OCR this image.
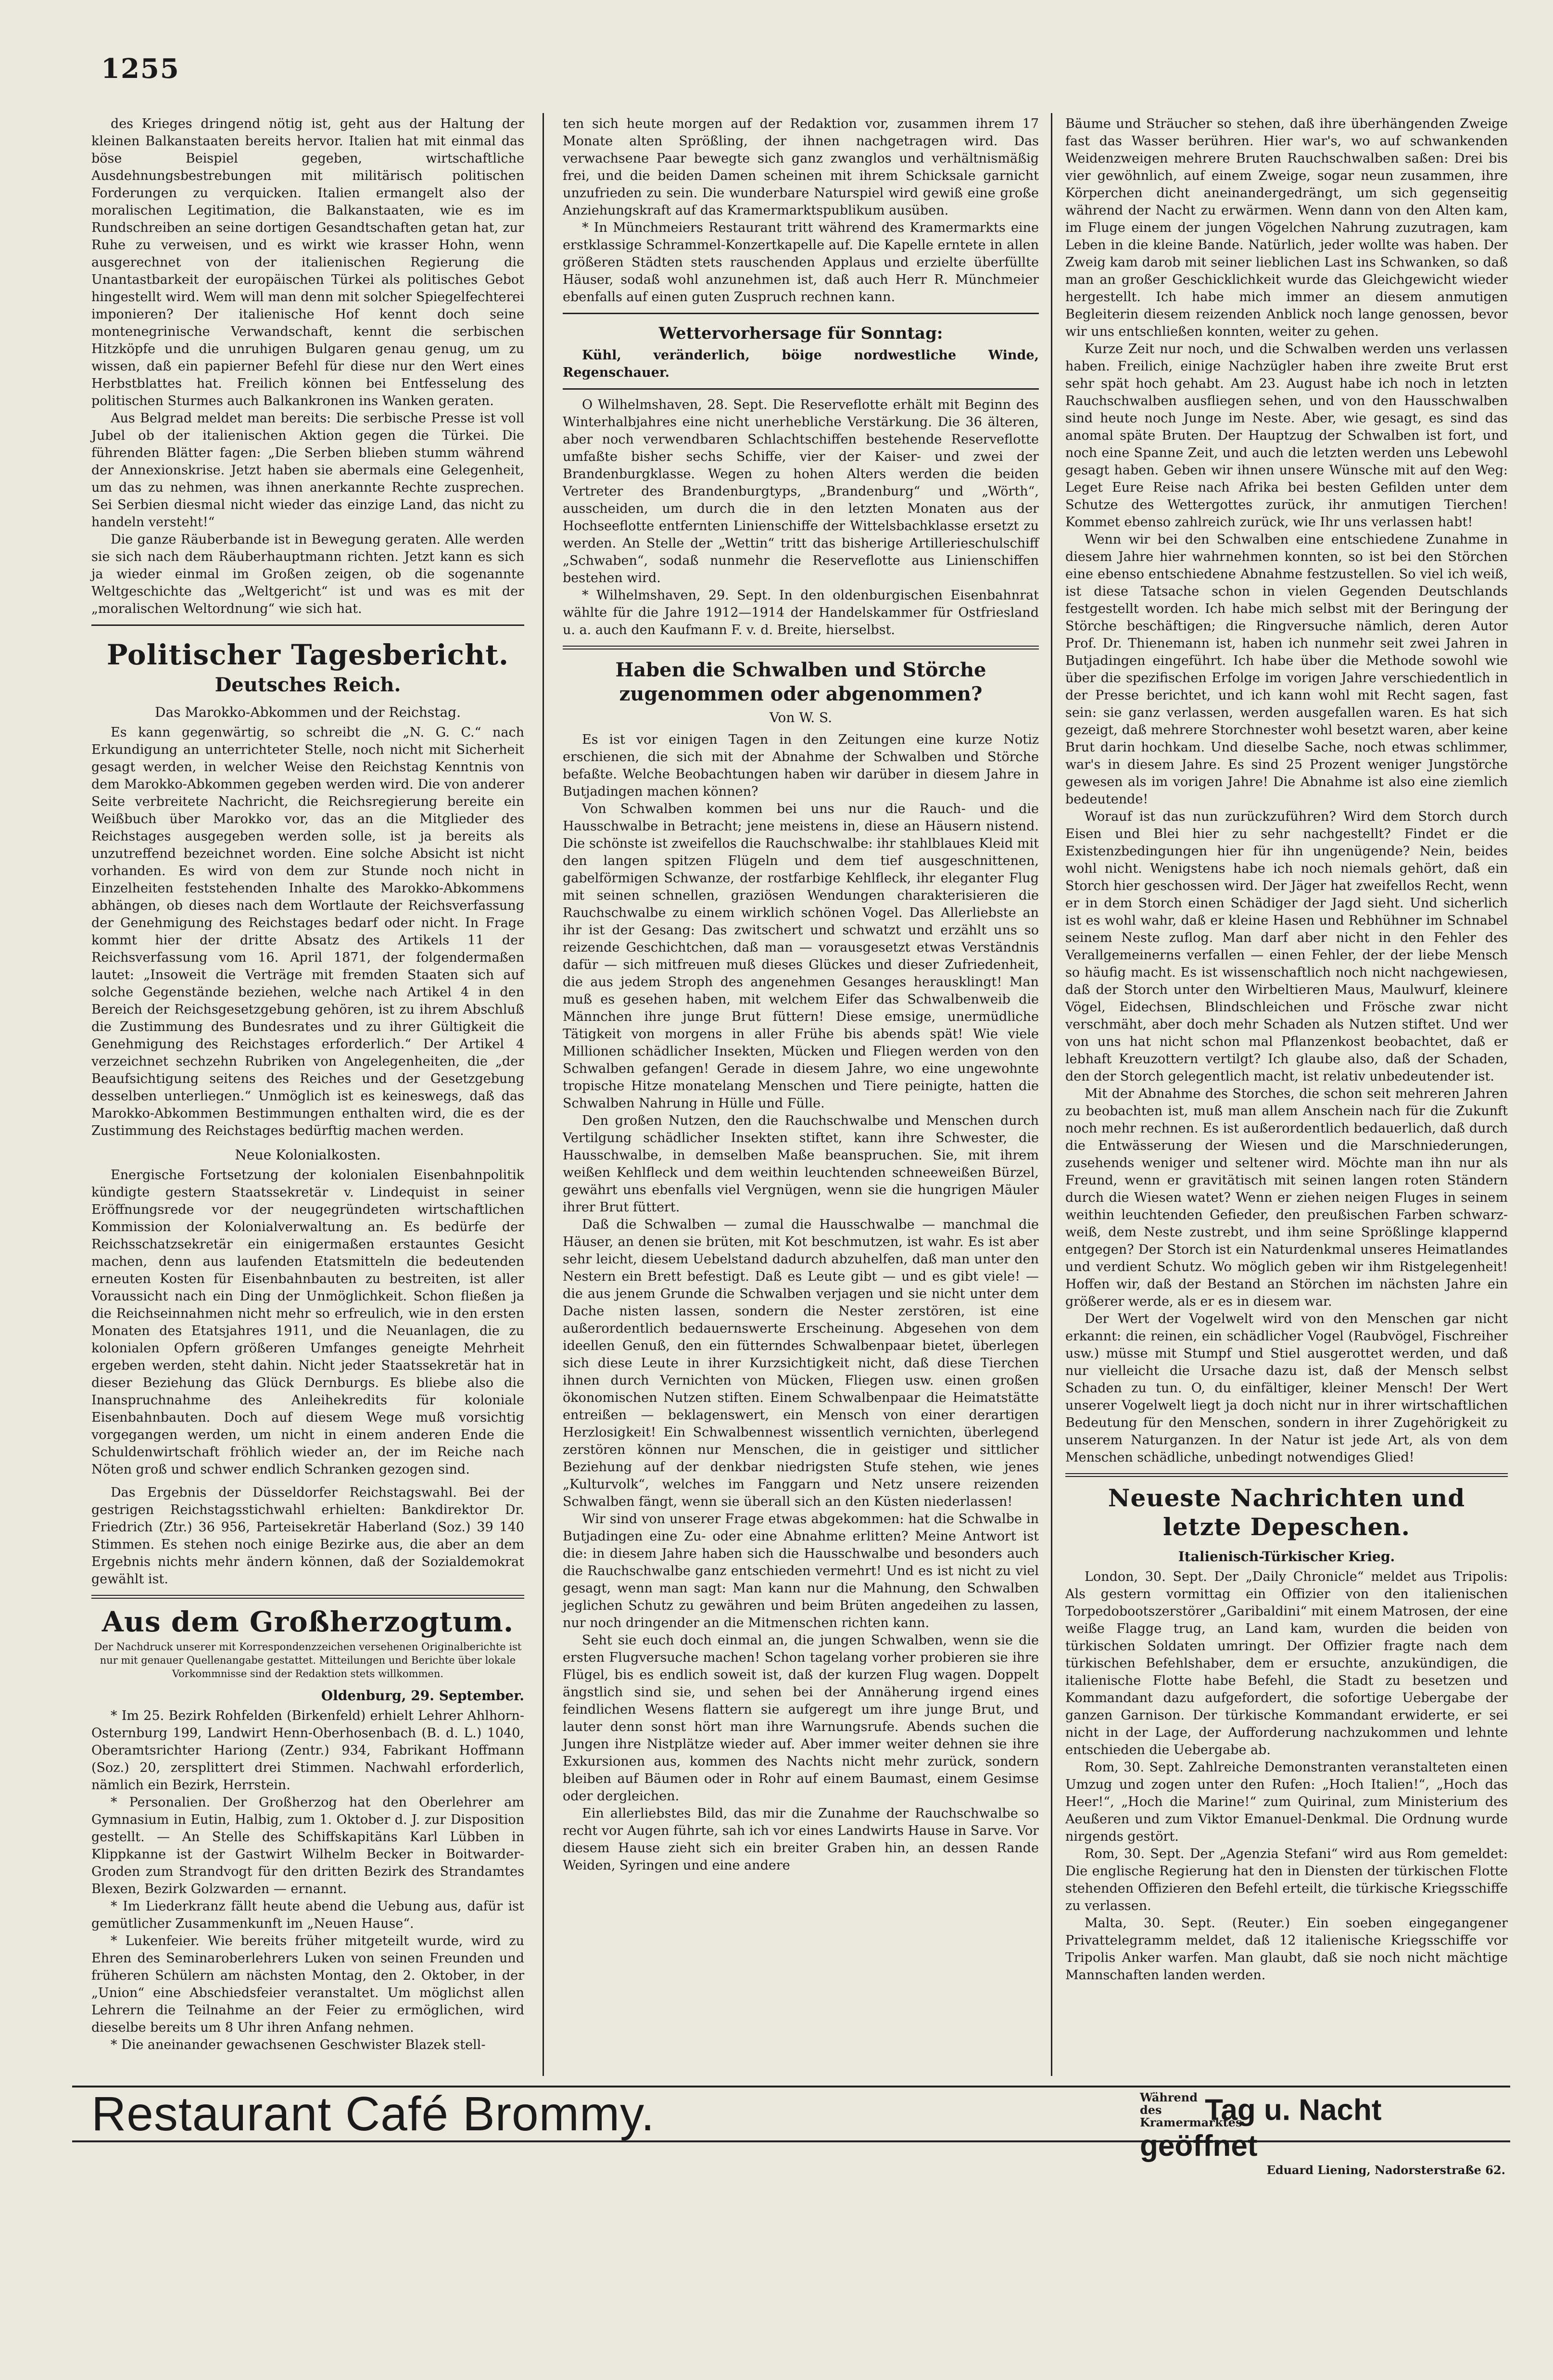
1255

des Krieges dringend nötig ist, geht aus der Haltung der kleinen Balkanstaaten bereits hervor. Italien hat mit einmal das böse Beispiel gegeben, wirtschaftliche Ausdehnungsbestrebungen mit militärisch politischen Forderungen zu verquicken. Italien ermangelt also der moralischen Legitimation, die Balkanstaaten, wie es im Rundschreiben an seine dortigen Gesandtschaften getan hat, zur Ruhe zu verweisen, und es wirkt wie krasser Hohn, wenn ausgerechnet von der italienischen Regierung die Unantastbarkeit der europäischen Türkei als politisches Gebot hingestellt wird. Wem will man denn mit solcher Spiegelfechterei imponieren? Der italienische Hof kennt doch seine montenegrinische Verwandschaft, kennt die serbischen Hitzköpfe und die unruhigen Bulgaren genau genug, um zu wissen, daß ein papierner Befehl für diese nur den Wert eines Herbstblattes hat. Freilich können bei Entfesselung des politischen Sturmes auch Balkankronen ins Wanken geraten.

Aus Belgrad meldet man bereits: Die serbische Presse ist voll Jubel ob der italienischen Aktion gegen die Türkei. Die führenden Blätter fagen: „Die Serben blieben stumm während der Annexionskrise. Jetzt haben sie abermals eine Gelegenheit, um das zu nehmen, was ihnen anerkannte Rechte zusprechen. Sei Serbien diesmal nicht wieder das einzige Land, das nicht zu handeln versteht!“

Die ganze Räuberbande ist in Bewegung geraten. Alle werden sie sich nach dem Räuberhauptmann richten. Jetzt kann es sich ja wieder einmal im Großen zeigen, ob die sogenannte Weltgeschichte das „Weltgericht“ ist und was es mit der „moralischen Weltordnung“ wie sich hat.

Politischer Tagesbericht.
Deutsches Reich.
Das Marokko-Abkommen und der Reichstag.

Es kann gegenwärtig, so schreibt die „N. G. C.“ nach Erkundigung an unterrichteter Stelle, noch nicht mit Sicherheit gesagt werden, in welcher Weise den Reichstag Kenntnis von dem Marokko-Abkommen gegeben werden wird. Die von anderer Seite verbreitete Nachricht, die Reichsregierung bereite ein Weißbuch über Marokko vor, das an die Mitglieder des Reichstages ausgegeben werden solle, ist ja bereits als unzutreffend bezeichnet worden. Eine solche Absicht ist nicht vorhanden. Es wird von dem zur Stunde noch nicht in Einzelheiten feststehenden Inhalte des Marokko-Abkommens abhängen, ob dieses nach dem Wortlaute der Reichsverfassung der Genehmigung des Reichstages bedarf oder nicht. In Frage kommt hier der dritte Absatz des Artikels 11 der Reichsverfassung vom 16. April 1871, der folgendermaßen lautet: „Insoweit die Verträge mit fremden Staaten sich auf solche Gegenstände beziehen, welche nach Artikel 4 in den Bereich der Reichsgesetzgebung gehören, ist zu ihrem Abschluß die Zustimmung des Bundesrates und zu ihrer Gültigkeit die Genehmigung des Reichstages erforderlich.“ Der Artikel 4 verzeichnet sechzehn Rubriken von Angelegenheiten, die „der Beaufsichtigung seitens des Reiches und der Gesetzgebung desselben unterliegen.“ Unmöglich ist es keineswegs, daß das Marokko-Abkommen Bestimmungen enthalten wird, die es der Zustimmung des Reichstages bedürftig machen werden.

Neue Kolonialkosten.

Energische Fortsetzung der kolonialen Eisenbahnpolitik kündigte gestern Staatssekretär v. Lindequist in seiner Eröffnungsrede vor der neugegründeten wirtschaftlichen Kommission der Kolonialverwaltung an. Es bedürfe der Reichsschatzsekretär ein einigermaßen erstauntes Gesicht machen, denn aus laufenden Etatsmitteln die bedeutenden erneuten Kosten für Eisenbahnbauten zu bestreiten, ist aller Voraussicht nach ein Ding der Unmöglichkeit. Schon fließen ja die Reichseinnahmen nicht mehr so erfreulich, wie in den ersten Monaten des Etatsjahres 1911, und die Neuanlagen, die zu kolonialen Opfern größeren Umfanges geneigte Mehrheit ergeben werden, steht dahin. Nicht jeder Staatssekretär hat in dieser Beziehung das Glück Dernburgs. Es bliebe also die Inanspruchnahme des Anleihekredits für koloniale Eisenbahnbauten. Doch auf diesem Wege muß vorsichtig vorgegangen werden, um nicht in einem anderen Ende die Schuldenwirtschaft fröhlich wieder an, der im Reiche nach Nöten groß und schwer endlich Schranken gezogen sind.

Das Ergebnis der Düsseldorfer Reichstagswahl. Bei der gestrigen Reichstagsstichwahl erhielten: Bankdirektor Dr. Friedrich (Ztr.) 36 956, Parteisekretär Haberland (Soz.) 39 140 Stimmen. Es stehen noch einige Bezirke aus, die aber an dem Ergebnis nichts mehr ändern können, daß der Sozialdemokrat gewählt ist.

Aus dem Großherzogtum.
Der Nachdruck unserer mit Korrespondenzzeichen versehenen Originalberichte ist nur mit genauer Quellenangabe gestattet. Mitteilungen und Berichte über lokale Vorkommnisse sind der Redaktion stets willkommen.
Oldenburg, 29. September.

* Im 25. Bezirk Rohfelden (Birkenfeld) erhielt Lehrer Ahlhorn-Osternburg 199, Landwirt Henn-Oberhosenbach (B. d. L.) 1040, Oberamtsrichter Hariong (Zentr.) 934, Fabrikant Hoffmann (Soz.) 20, zersplittert drei Stimmen. Nachwahl erforderlich, nämlich ein Bezirk, Herrstein.

* Personalien. Der Großherzog hat den Oberlehrer am Gymnasium in Eutin, Halbig, zum 1. Oktober d. J. zur Disposition gestellt. — An Stelle des Schiffskapitäns Karl Lübben in Klippkanne ist der Gastwirt Wilhelm Becker in Boitwarder-Groden zum Strandvogt für den dritten Bezirk des Strandamtes Blexen, Bezirk Golzwarden — ernannt.

* Im Liederkranz fällt heute abend die Uebung aus, dafür ist gemütlicher Zusammenkunft im „Neuen Hause“.

* Lukenfeier. Wie bereits früher mitgeteilt wurde, wird zu Ehren des Seminaroberlehrers Luken von seinen Freunden und früheren Schülern am nächsten Montag, den 2. Oktober, in der „Union“ eine Abschiedsfeier veranstaltet. Um möglichst allen Lehrern die Teilnahme an der Feier zu ermöglichen, wird dieselbe bereits um 8 Uhr ihren Anfang nehmen.

* Die aneinander gewachsenen Geschwister Blazek stell-

ten sich heute morgen auf der Redaktion vor, zusammen ihrem 17 Monate alten Sprößling, der ihnen nachgetragen wird. Das verwachsene Paar bewegte sich ganz zwanglos und verhältnismäßig frei, und die beiden Damen scheinen mit ihrem Schicksale garnicht unzufrieden zu sein. Die wunderbare Naturspiel wird gewiß eine große Anziehungskraft auf das Kramermarktspublikum ausüben.

* In Münchmeiers Restaurant tritt während des Kramermarkts eine erstklassige Schrammel-Konzertkapelle auf. Die Kapelle erntete in allen größeren Städten stets rauschenden Applaus und erzielte überfüllte Häuser, sodaß wohl anzunehmen ist, daß auch Herr R. Münchmeier ebenfalls auf einen guten Zuspruch rechnen kann.

Wettervorhersage für Sonntag:

Kühl, veränderlich, böige nordwestliche Winde, Regenschauer.

O Wilhelmshaven, 28. Sept. Die Reserveflotte erhält mit Beginn des Winterhalbjahres eine nicht unerhebliche Verstärkung. Die 36 älteren, aber noch verwendbaren Schlachtschiffen bestehende Reserveflotte umfaßte bisher sechs Schiffe, vier der Kaiser- und zwei der Brandenburgklasse. Wegen zu hohen Alters werden die beiden Vertreter des Brandenburgtyps, „Brandenburg“ und „Wörth“, ausscheiden, um durch die in den letzten Monaten aus der Hochseeflotte entfernten Linienschiffe der Wittelsbachklasse ersetzt zu werden. An Stelle der „Wettin“ tritt das bisherige Artillerieschulschiff „Schwaben“, sodaß nunmehr die Reserveflotte aus Linienschiffen bestehen wird.

* Wilhelmshaven, 29. Sept. In den oldenburgischen Eisenbahnrat wählte für die Jahre 1912—1914 der Handelskammer für Ostfriesland u. a. auch den Kaufmann F. v. d. Breite, hierselbst.

Haben die Schwalben und Störche zugenommen oder abgenommen?
Von W. S.

Es ist vor einigen Tagen in den Zeitungen eine kurze Notiz erschienen, die sich mit der Abnahme der Schwalben und Störche befaßte. Welche Beobachtungen haben wir darüber in diesem Jahre in Butjadingen machen können?

Von Schwalben kommen bei uns nur die Rauch- und die Hausschwalbe in Betracht; jene meistens in, diese an Häusern nistend. Die schönste ist zweifellos die Rauchschwalbe: ihr stahlblaues Kleid mit den langen spitzen Flügeln und dem tief ausgeschnittenen, gabelförmigen Schwanze, der rostfarbige Kehlfleck, ihr eleganter Flug mit seinen schnellen, graziösen Wendungen charakterisieren die Rauchschwalbe zu einem wirklich schönen Vogel. Das Allerliebste an ihr ist der Gesang: Das zwitschert und schwatzt und erzählt uns so reizende Geschichtchen, daß man — vorausgesetzt etwas Verständnis dafür — sich mitfreuen muß dieses Glückes und dieser Zufriedenheit, die aus jedem Stroph des angenehmen Gesanges herausklingt! Man muß es gesehen haben, mit welchem Eifer das Schwalbenweib die Männchen ihre junge Brut füttern! Diese emsige, unermüdliche Tätigkeit von morgens in aller Frühe bis abends spät! Wie viele Millionen schädlicher Insekten, Mücken und Fliegen werden von den Schwalben gefangen! Gerade in diesem Jahre, wo eine ungewohnte tropische Hitze monatelang Menschen und Tiere peinigte, hatten die Schwalben Nahrung in Hülle und Fülle.

Den großen Nutzen, den die Rauchschwalbe und Menschen durch Vertilgung schädlicher Insekten stiftet, kann ihre Schwester, die Hausschwalbe, in demselben Maße beanspruchen. Sie, mit ihrem weißen Kehlfleck und dem weithin leuchtenden schneeweißen Bürzel, gewährt uns ebenfalls viel Vergnügen, wenn sie die hungrigen Mäuler ihrer Brut füttert.

Daß die Schwalben — zumal die Hausschwalbe — manchmal die Häuser, an denen sie brüten, mit Kot beschmutzen, ist wahr. Es ist aber sehr leicht, diesem Uebelstand dadurch abzuhelfen, daß man unter den Nestern ein Brett befestigt. Daß es Leute gibt — und es gibt viele! — die aus jenem Grunde die Schwalben verjagen und sie nicht unter dem Dache nisten lassen, sondern die Nester zerstören, ist eine außerordentlich bedauernswerte Erscheinung. Abgesehen von dem ideellen Genuß, den ein fütterndes Schwalbenpaar bietet, überlegen sich diese Leute in ihrer Kurzsichtigkeit nicht, daß diese Tierchen ihnen durch Vernichten von Mücken, Fliegen usw. einen großen ökonomischen Nutzen stiften. Einem Schwalbenpaar die Heimatstätte entreißen — beklagenswert, ein Mensch von einer derartigen Herzlosigkeit! Ein Schwalbennest wissentlich vernichten, überlegend zerstören können nur Menschen, die in geistiger und sittlicher Beziehung auf der denkbar niedrigsten Stufe stehen, wie jenes „Kulturvolk“, welches im Fanggarn und Netz unsere reizenden Schwalben fängt, wenn sie überall sich an den Küsten niederlassen!

Wir sind von unserer Frage etwas abgekommen: hat die Schwalbe in Butjadingen eine Zu- oder eine Abnahme erlitten? Meine Antwort ist die: in diesem Jahre haben sich die Hausschwalbe und besonders auch die Rauchschwalbe ganz entschieden vermehrt! Und es ist nicht zu viel gesagt, wenn man sagt: Man kann nur die Mahnung, den Schwalben jeglichen Schutz zu gewähren und beim Brüten angedeihen zu lassen, nur noch dringender an die Mitmenschen richten kann.

Seht sie euch doch einmal an, die jungen Schwalben, wenn sie die ersten Flugversuche machen! Schon tagelang vorher probieren sie ihre Flügel, bis es endlich soweit ist, daß der kurzen Flug wagen. Doppelt ängstlich sind sie, und sehen bei der Annäherung irgend eines feindlichen Wesens flattern sie aufgeregt um ihre junge Brut, und lauter denn sonst hört man ihre Warnungsrufe. Abends suchen die Jungen ihre Nistplätze wieder auf. Aber immer weiter dehnen sie ihre Exkursionen aus, kommen des Nachts nicht mehr zurück, sondern bleiben auf Bäumen oder in Rohr auf einem Baumast, einem Gesimse oder dergleichen.

Ein allerliebstes Bild, das mir die Zunahme der Rauchschwalbe so recht vor Augen führte, sah ich vor eines Landwirts Hause in Sarve. Vor diesem Hause zieht sich ein breiter Graben hin, an dessen Rande Weiden, Syringen und eine andere

Bäume und Sträucher so stehen, daß ihre überhängenden Zweige fast das Wasser berühren. Hier war's, wo auf schwankenden Weidenzweigen mehrere Bruten Rauchschwalben saßen: Drei bis vier gewöhnlich, auf einem Zweige, sogar neun zusammen, ihre Körperchen dicht aneinandergedrängt, um sich gegenseitig während der Nacht zu erwärmen. Wenn dann von den Alten kam, im Fluge einem der jungen Vögelchen Nahrung zuzutragen, kam Leben in die kleine Bande. Natürlich, jeder wollte was haben. Der Zweig kam darob mit seiner lieblichen Last ins Schwanken, so daß man an großer Geschicklichkeit wurde das Gleichgewicht wieder hergestellt. Ich habe mich immer an diesem anmutigen Begleiterin diesem reizenden Anblick noch lange genossen, bevor wir uns entschließen konnten, weiter zu gehen.

Kurze Zeit nur noch, und die Schwalben werden uns verlassen haben. Freilich, einige Nachzügler haben ihre zweite Brut erst sehr spät hoch gehabt. Am 23. August habe ich noch in letzten Rauchschwalben ausfliegen sehen, und von den Hausschwalben sind heute noch Junge im Neste. Aber, wie gesagt, es sind das anomal späte Bruten. Der Hauptzug der Schwalben ist fort, und noch eine Spanne Zeit, und auch die letzten werden uns Lebewohl gesagt haben. Geben wir ihnen unsere Wünsche mit auf den Weg: Leget Eure Reise nach Afrika bei besten Gefilden unter dem Schutze des Wettergottes zurück, ihr anmutigen Tierchen! Kommet ebenso zahlreich zurück, wie Ihr uns verlassen habt!

Wenn wir bei den Schwalben eine entschiedene Zunahme in diesem Jahre hier wahrnehmen konnten, so ist bei den Störchen eine ebenso entschiedene Abnahme festzustellen. So viel ich weiß, ist diese Tatsache schon in vielen Gegenden Deutschlands festgestellt worden. Ich habe mich selbst mit der Beringung der Störche beschäftigen; die Ringversuche nämlich, deren Autor Prof. Dr. Thienemann ist, haben ich nunmehr seit zwei Jahren in Butjadingen eingeführt. Ich habe über die Methode sowohl wie über die spezifischen Erfolge im vorigen Jahre verschiedentlich in der Presse berichtet, und ich kann wohl mit Recht sagen, fast sein: sie ganz verlassen, werden ausgefallen waren. Es hat sich gezeigt, daß mehrere Storchnester wohl besetzt waren, aber keine Brut darin hochkam. Und dieselbe Sache, noch etwas schlimmer, war's in diesem Jahre. Es sind 25 Prozent weniger Jungstörche gewesen als im vorigen Jahre! Die Abnahme ist also eine ziemlich bedeutende!

Worauf ist das nun zurückzuführen? Wird dem Storch durch Eisen und Blei hier zu sehr nachgestellt? Findet er die Existenzbedingungen hier für ihn ungenügende? Nein, beides wohl nicht. Wenigstens habe ich noch niemals gehört, daß ein Storch hier geschossen wird. Der Jäger hat zweifellos Recht, wenn er in dem Storch einen Schädiger der Jagd sieht. Und sicherlich ist es wohl wahr, daß er kleine Hasen und Rebhühner im Schnabel seinem Neste zuflog. Man darf aber nicht in den Fehler des Verallgemeinerns verfallen — einen Fehler, der der liebe Mensch so häufig macht. Es ist wissenschaftlich noch nicht nachgewiesen, daß der Storch unter den Wirbeltieren Maus, Maulwurf, kleinere Vögel, Eidechsen, Blindschleichen und Frösche zwar nicht verschmäht, aber doch mehr Schaden als Nutzen stiftet. Und wer von uns hat nicht schon mal Pflanzenkost beobachtet, daß er lebhaft Kreuzottern vertilgt? Ich glaube also, daß der Schaden, den der Storch gelegentlich macht, ist relativ unbedeutender ist.

Mit der Abnahme des Storches, die schon seit mehreren Jahren zu beobachten ist, muß man allem Anschein nach für die Zukunft noch mehr rechnen. Es ist außerordentlich bedauerlich, daß durch die Entwässerung der Wiesen und die Marschniederungen, zusehends weniger und seltener wird. Möchte man ihn nur als Freund, wenn er gravitätisch mit seinen langen roten Ständern durch die Wiesen watet? Wenn er ziehen neigen Fluges in seinem weithin leuchtenden Gefieder, den preußischen Farben schwarz-weiß, dem Neste zustrebt, und ihm seine Sprößlinge klappernd entgegen? Der Storch ist ein Naturdenkmal unseres Heimatlandes und verdient Schutz. Wo möglich geben wir ihm Ristgelegenheit! Hoffen wir, daß der Bestand an Störchen im nächsten Jahre ein größerer werde, als er es in diesem war.

Der Wert der Vogelwelt wird von den Menschen gar nicht erkannt: die reinen, ein schädlicher Vogel (Raubvögel, Fischreiher usw.) müsse mit Stumpf und Stiel ausgerottet werden, und daß nur vielleicht die Ursache dazu ist, daß der Mensch selbst Schaden zu tun. O, du einfältiger, kleiner Mensch! Der Wert unserer Vogelwelt liegt ja doch nicht nur in ihrer wirtschaftlichen Bedeutung für den Menschen, sondern in ihrer Zugehörigkeit zu unserem Naturganzen. In der Natur ist jede Art, als von dem Menschen schädliche, unbedingt notwendiges Glied!

Neueste Nachrichten und letzte Depeschen.
Italienisch-Türkischer Krieg.

London, 30. Sept. Der „Daily Chronicle“ meldet aus Tripolis: Als gestern vormittag ein Offizier von den italienischen Torpedobootszerstörer „Garibaldini“ mit einem Matrosen, der eine weiße Flagge trug, an Land kam, wurden die beiden von türkischen Soldaten umringt. Der Offizier fragte nach dem türkischen Befehlshaber, dem er ersuchte, anzukündigen, die italienische Flotte habe Befehl, die Stadt zu besetzen und Kommandant dazu aufgefordert, die sofortige Uebergabe der ganzen Garnison. Der türkische Kommandant erwiderte, er sei nicht in der Lage, der Aufforderung nachzukommen und lehnte entschieden die Uebergabe ab.

Rom, 30. Sept. Zahlreiche Demonstranten veranstalteten einen Umzug und zogen unter den Rufen: „Hoch Italien!“, „Hoch das Heer!“, „Hoch die Marine!“ zum Quirinal, zum Ministerium des Aeußeren und zum Viktor Emanuel-Denkmal. Die Ordnung wurde nirgends gestört.

Rom, 30. Sept. Der „Agenzia Stefani“ wird aus Rom gemeldet: Die englische Regierung hat den in Diensten der türkischen Flotte stehenden Offizieren den Befehl erteilt, die türkische Kriegsschiffe zu verlassen.

Malta, 30. Sept. (Reuter.) Ein soeben eingegangener Privattelegramm meldet, daß 12 italienische Kriegsschiffe vor Tripolis Anker warfen. Man glaubt, daß sie noch nicht mächtige Mannschaften landen werden.

Restaurant Café Brommy.	Während des Kramermarktes Tag u. Nacht geöffnet
Eduard Liening, Nadorsterstraße 62.
